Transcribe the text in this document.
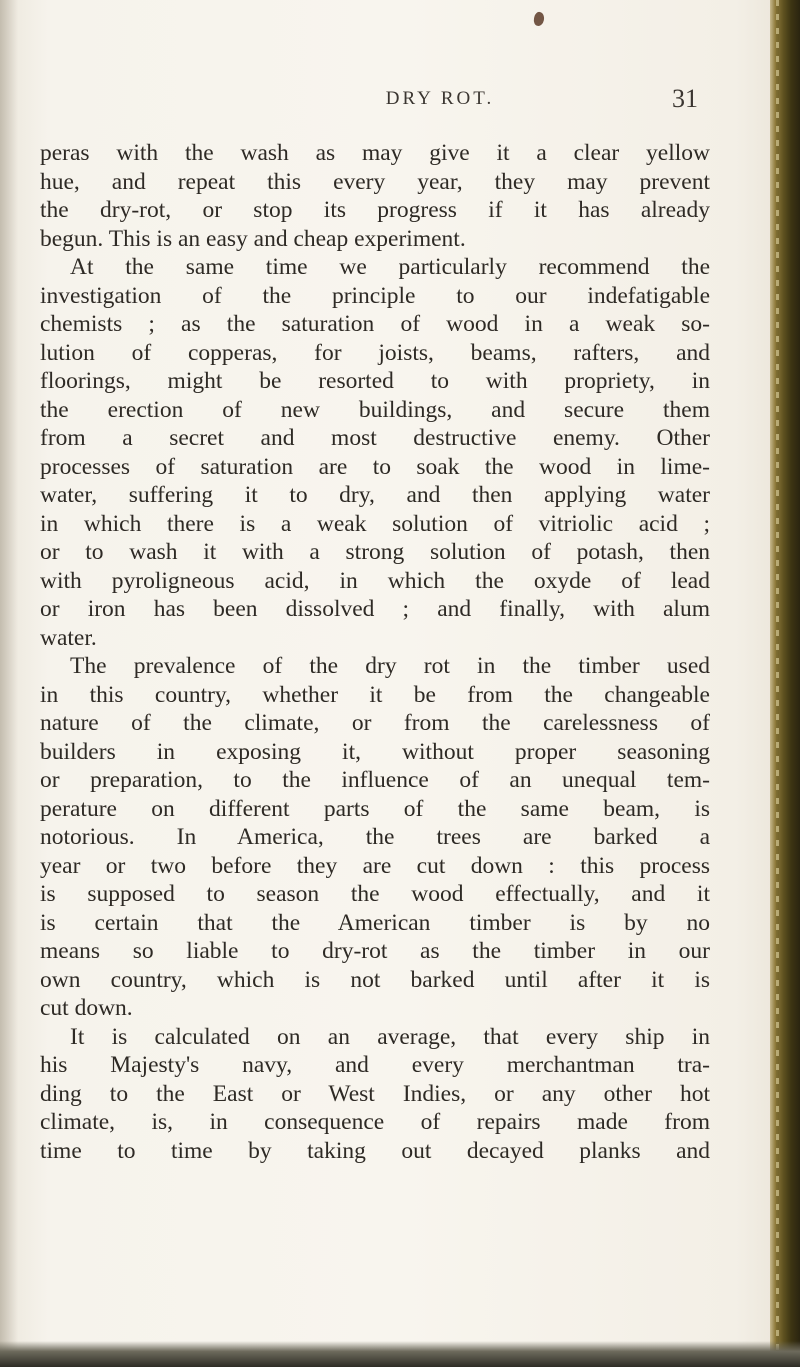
DRY ROT.	31
peras with the wash as may give it a clear yellow
hue, and repeat this every year, they may prevent
the dry-rot, or stop its progress if it has already
begun. This is an easy and cheap experiment.
At the same time we particularly recommend the
investigation of the principle to our indefatigable
chemists ; as the saturation of wood in a weak so-
lution of copperas, for joists, beams, rafters, and
floorings, might be resorted to with propriety, in
the erection of new buildings, and secure them
from a secret and most destructive enemy. Other
processes of saturation are to soak the wood in lime-
water, suffering it to dry, and then applying water
in which there is a weak solution of vitriolic acid ;
or to wash it with a strong solution of potash, then
with pyroligneous acid, in which the oxyde of lead
or iron has been dissolved ; and finally, with alum
water.
The prevalence of the dry rot in the timber used
in this country, whether it be from the changeable
nature of the climate, or from the carelessness of
builders in exposing it, without proper seasoning
or preparation, to the influence of an unequal tem-
perature on different parts of the same beam, is
notorious. In America, the trees are barked a
year or two before they are cut down : this process
is supposed to season the wood effectually, and it
is certain that the American timber is by no
means so liable to dry-rot as the timber in our
own country, which is not barked until after it is
cut down.
It is calculated on an average, that every ship in
his Majesty's navy, and every merchantman tra-
ding to the East or West Indies, or any other hot
climate, is, in consequence of repairs made from
time to time by taking out decayed planks and
